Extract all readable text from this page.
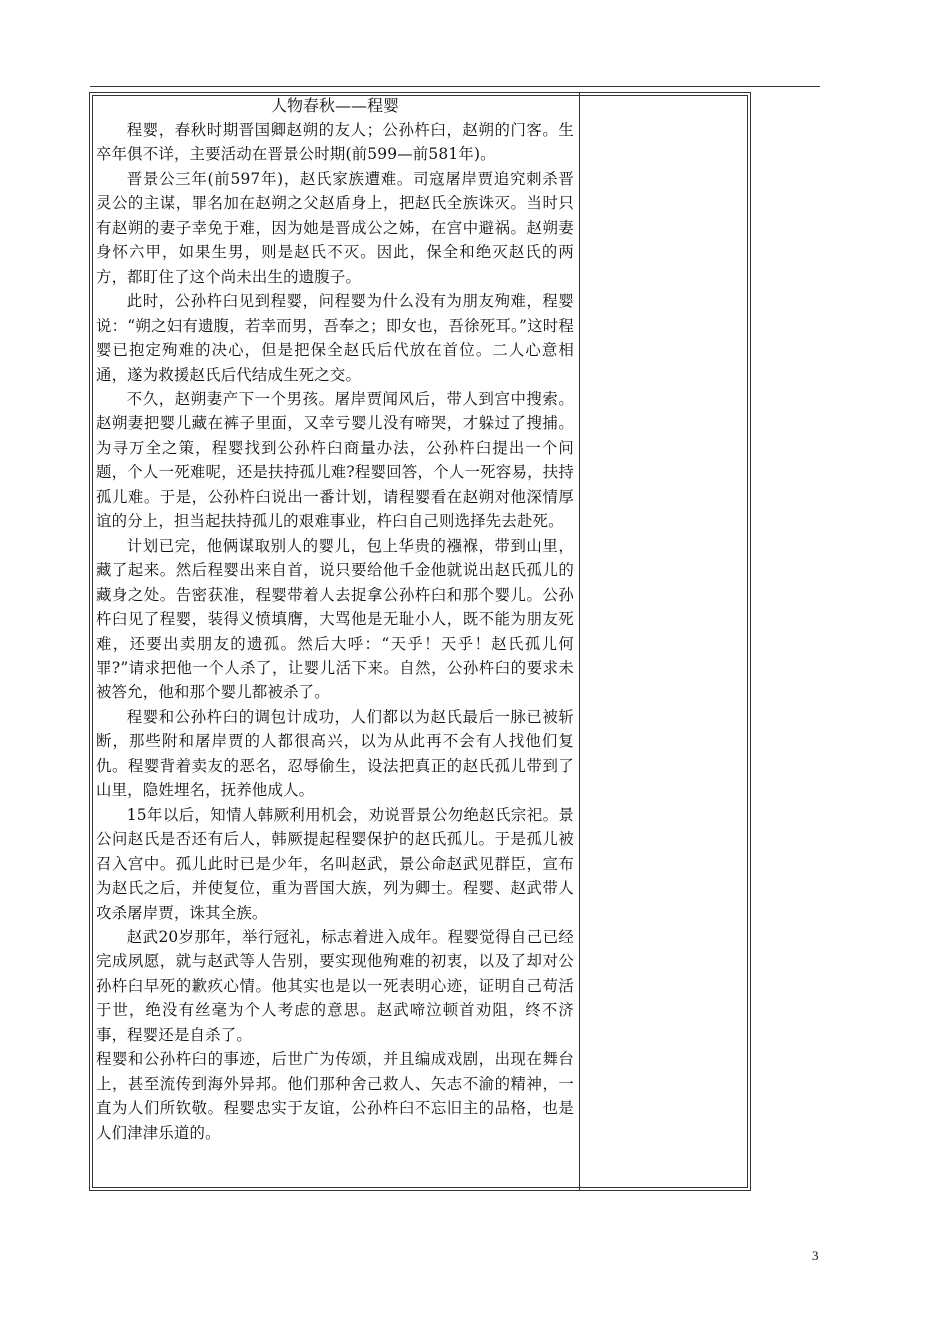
人物春秋——程婴

程婴，春秋时期晋国卿赵朔的友人；公孙杵臼，赵朔的门客。生卒年俱不详，主要活动在晋景公时期(前599—前581年)。

晋景公三年(前597年)，赵氏家族遭难。司寇屠岸贾追究刺杀晋灵公的主谋，罪名加在赵朔之父赵盾身上，把赵氏全族诛灭。当时只有赵朔的妻子幸免于难，因为她是晋成公之姊，在宫中避祸。赵朔妻身怀六甲，如果生男，则是赵氏不灭。因此，保全和绝灭赵氏的两方，都盯住了这个尚未出生的遗腹子。

此时，公孙杵臼见到程婴，问程婴为什么没有为朋友殉难，程婴说：“朔之妇有遗腹，若幸而男，吾奉之；即女也，吾徐死耳。”这时程婴已抱定殉难的决心，但是把保全赵氏后代放在首位。二人心意相通，遂为救援赵氏后代结成生死之交。

不久，赵朔妻产下一个男孩。屠岸贾闻风后，带人到宫中搜索。赵朔妻把婴儿藏在裤子里面，又幸亏婴儿没有啼哭，才躲过了搜捕。为寻万全之策，程婴找到公孙杵臼商量办法，公孙杵臼提出一个问题，个人一死难呢，还是扶持孤儿难?程婴回答，个人一死容易，扶持孤儿难。于是，公孙杵臼说出一番计划，请程婴看在赵朔对他深情厚谊的分上，担当起扶持孤儿的艰难事业，杵臼自己则选择先去赴死。

计划已完，他俩谋取别人的婴儿，包上华贵的襁褓，带到山里，藏了起来。然后程婴出来自首，说只要给他千金他就说出赵氏孤儿的藏身之处。告密获准，程婴带着人去捉拿公孙杵臼和那个婴儿。公孙杵臼见了程婴，装得义愤填膺，大骂他是无耻小人，既不能为朋友死难，还要出卖朋友的遗孤。然后大呼：“天乎！天乎！赵氏孤儿何罪?”请求把他一个人杀了，让婴儿活下来。自然，公孙杵臼的要求未被答允，他和那个婴儿都被杀了。

程婴和公孙杵臼的调包计成功，人们都以为赵氏最后一脉已被斩断，那些附和屠岸贾的人都很高兴，以为从此再不会有人找他们复仇。程婴背着卖友的恶名，忍辱偷生，设法把真正的赵氏孤儿带到了山里，隐姓埋名，抚养他成人。

15年以后，知情人韩厥利用机会，劝说晋景公勿绝赵氏宗祀。景公问赵氏是否还有后人，韩厥提起程婴保护的赵氏孤儿。于是孤儿被召入宫中。孤儿此时已是少年，名叫赵武，景公命赵武见群臣，宣布为赵氏之后，并使复位，重为晋国大族，列为卿士。程婴、赵武带人攻杀屠岸贾，诛其全族。

赵武20岁那年，举行冠礼，标志着进入成年。程婴觉得自己已经完成夙愿，就与赵武等人告别，要实现他殉难的初衷，以及了却对公孙杵臼早死的歉疚心情。他其实也是以一死表明心迹，证明自己苟活于世，绝没有丝毫为个人考虑的意思。赵武啼泣顿首劝阻，终不济事，程婴还是自杀了。

程婴和公孙杵臼的事迹，后世广为传颂，并且编成戏剧，出现在舞台上，甚至流传到海外异邦。他们那种舍己救人、矢志不渝的精神，一直为人们所钦敬。程婴忠实于友谊，公孙杵臼不忘旧主的品格，也是人们津津乐道的。

3
